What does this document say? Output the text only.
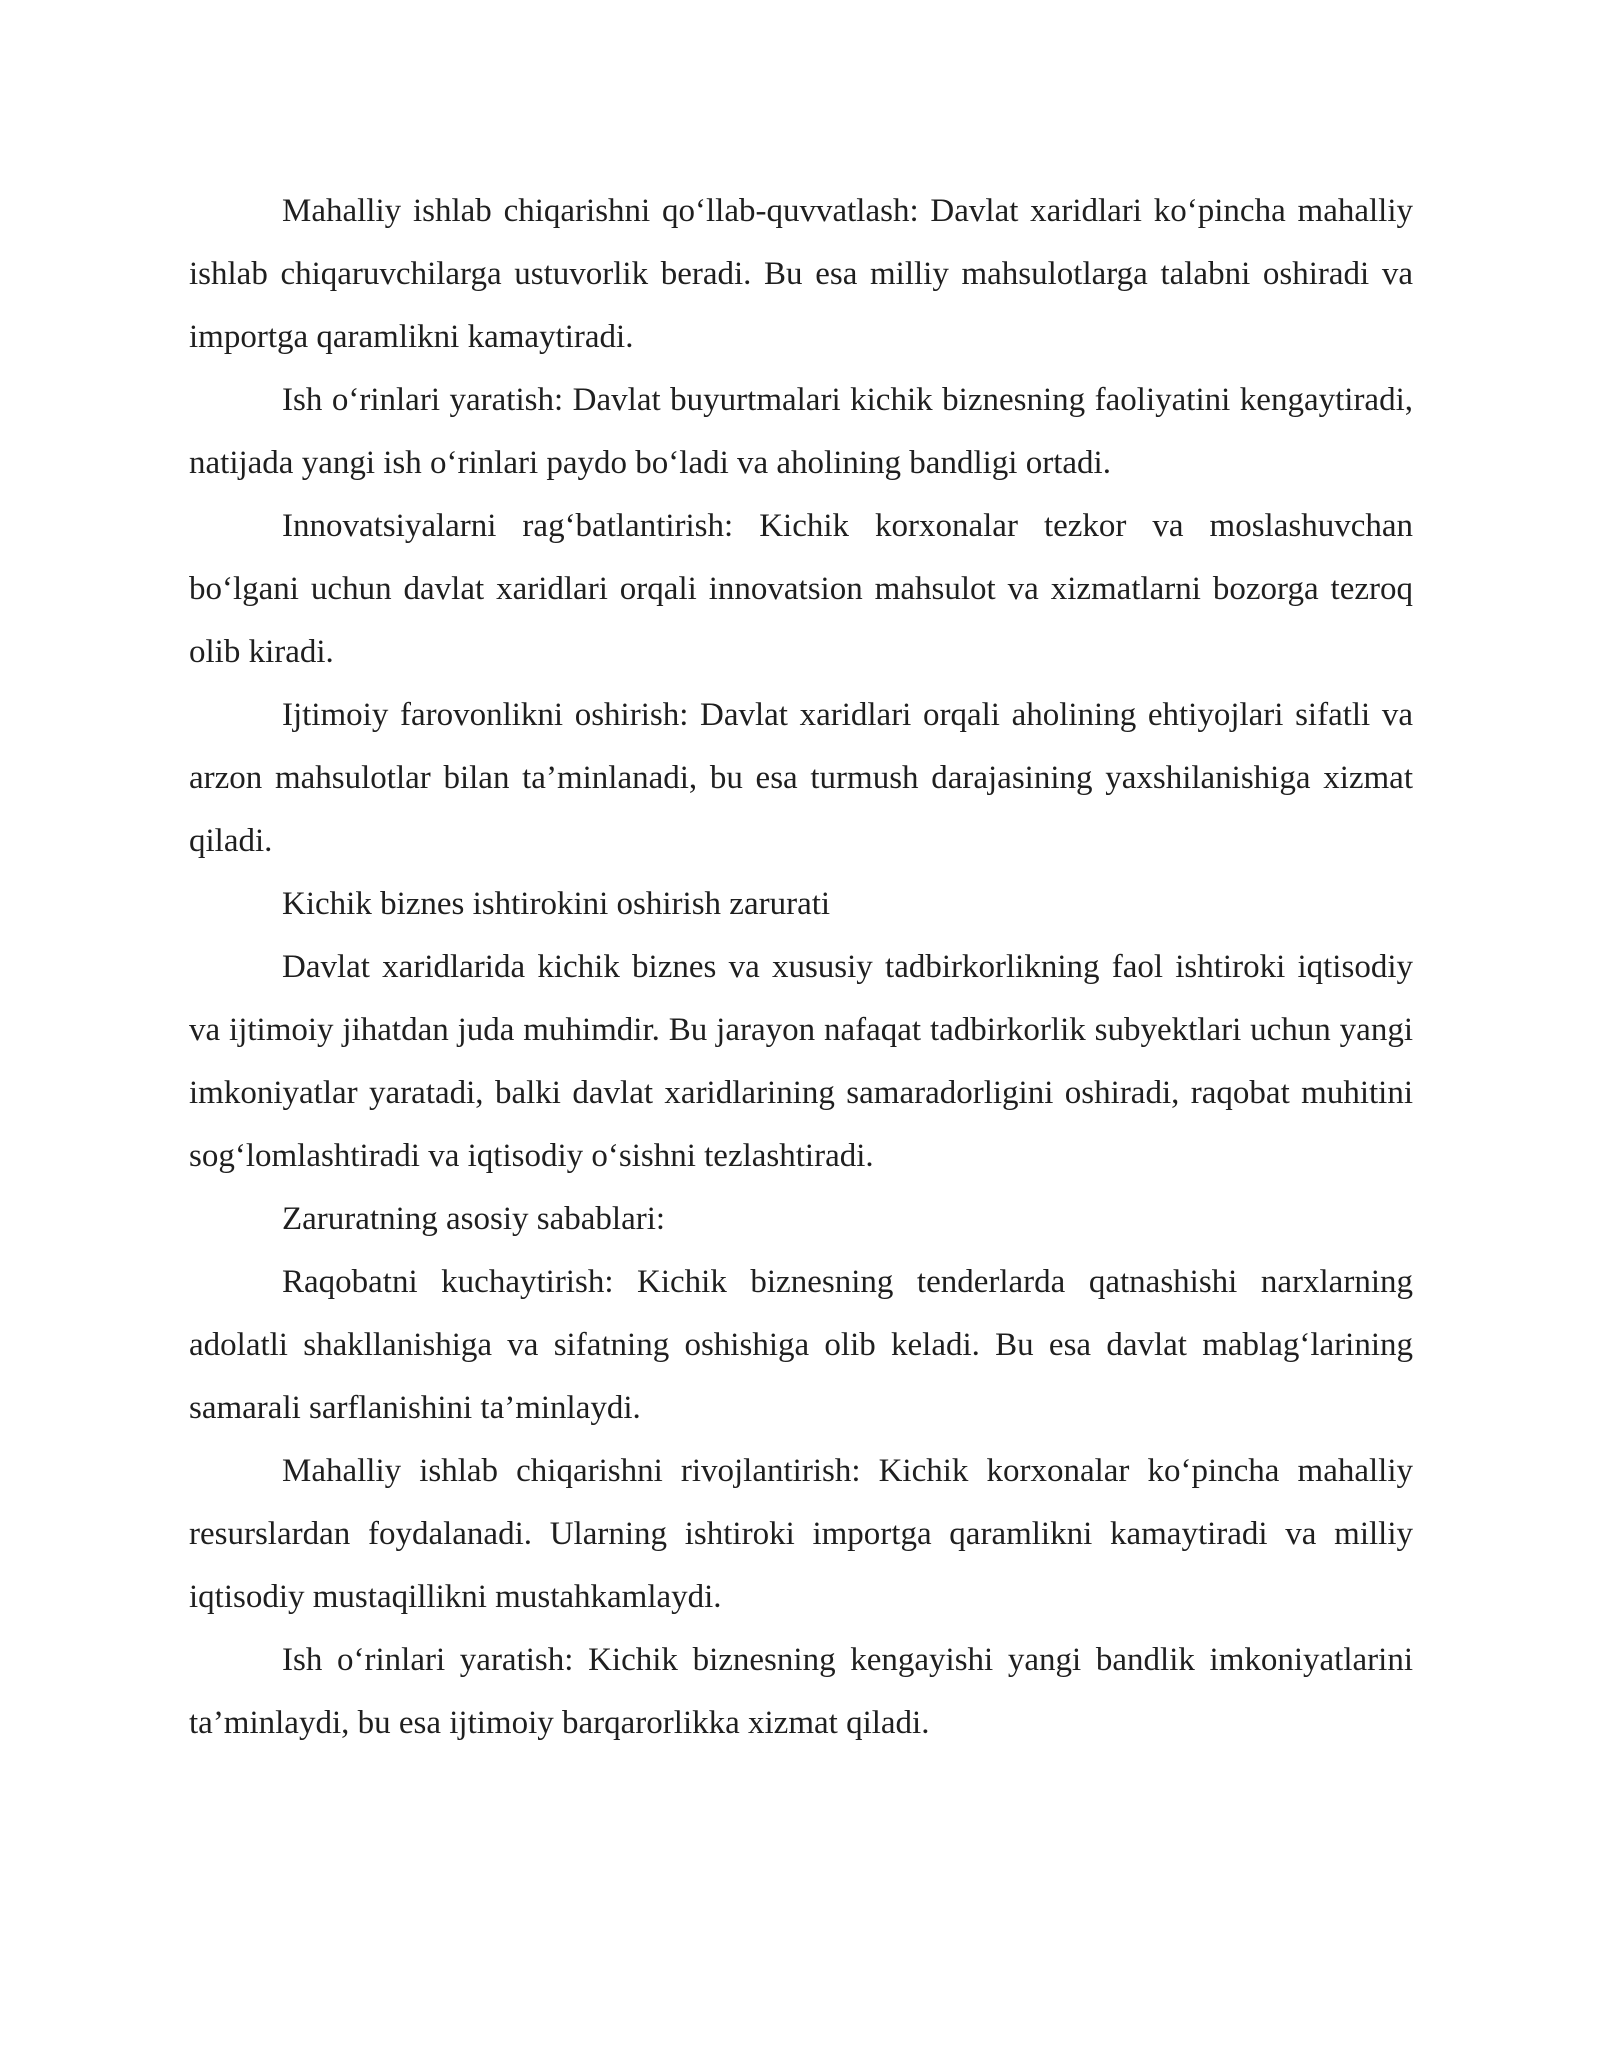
Mahalliy ishlab chiqarishni qo‘llab-quvvatlash: Davlat xaridlari ko‘pincha mahalliy ishlab chiqaruvchilarga ustuvorlik beradi. Bu esa milliy mahsulotlarga talabni oshiradi va importga qaramlikni kamaytiradi.

Ish o‘rinlari yaratish: Davlat buyurtmalari kichik biznesning faoliyatini kengaytiradi, natijada yangi ish o‘rinlari paydo bo‘ladi va aholining bandligi ortadi.

Innovatsiyalarni rag‘batlantirish: Kichik korxonalar tezkor va moslashuvchan bo‘lgani uchun davlat xaridlari orqali innovatsion mahsulot va xizmatlarni bozorga tezroq olib kiradi.

Ijtimoiy farovonlikni oshirish: Davlat xaridlari orqali aholining ehtiyojlari sifatli va arzon mahsulotlar bilan ta’minlanadi, bu esa turmush darajasining yaxshilanishiga xizmat qiladi.

Kichik biznes ishtirokini oshirish zarurati

Davlat xaridlarida kichik biznes va xususiy tadbirkorlikning faol ishtiroki iqtisodiy va ijtimoiy jihatdan juda muhimdir. Bu jarayon nafaqat tadbirkorlik subyektlari uchun yangi imkoniyatlar yaratadi, balki davlat xaridlarining samaradorligini oshiradi, raqobat muhitini sog‘lomlashtiradi va iqtisodiy o‘sishni tezlashtiradi.

Zaruratning asosiy sabablari:

Raqobatni kuchaytirish: Kichik biznesning tenderlarda qatnashishi narxlarning adolatli shakllanishiga va sifatning oshishiga olib keladi. Bu esa davlat mablag‘larining samarali sarflanishini ta’minlaydi.

Mahalliy ishlab chiqarishni rivojlantirish: Kichik korxonalar ko‘pincha mahalliy resurslardan foydalanadi. Ularning ishtiroki importga qaramlikni kamaytiradi va milliy iqtisodiy mustaqillikni mustahkamlaydi.

Ish o‘rinlari yaratish: Kichik biznesning kengayishi yangi bandlik imkoniyatlarini ta’minlaydi, bu esa ijtimoiy barqarorlikka xizmat qiladi.
